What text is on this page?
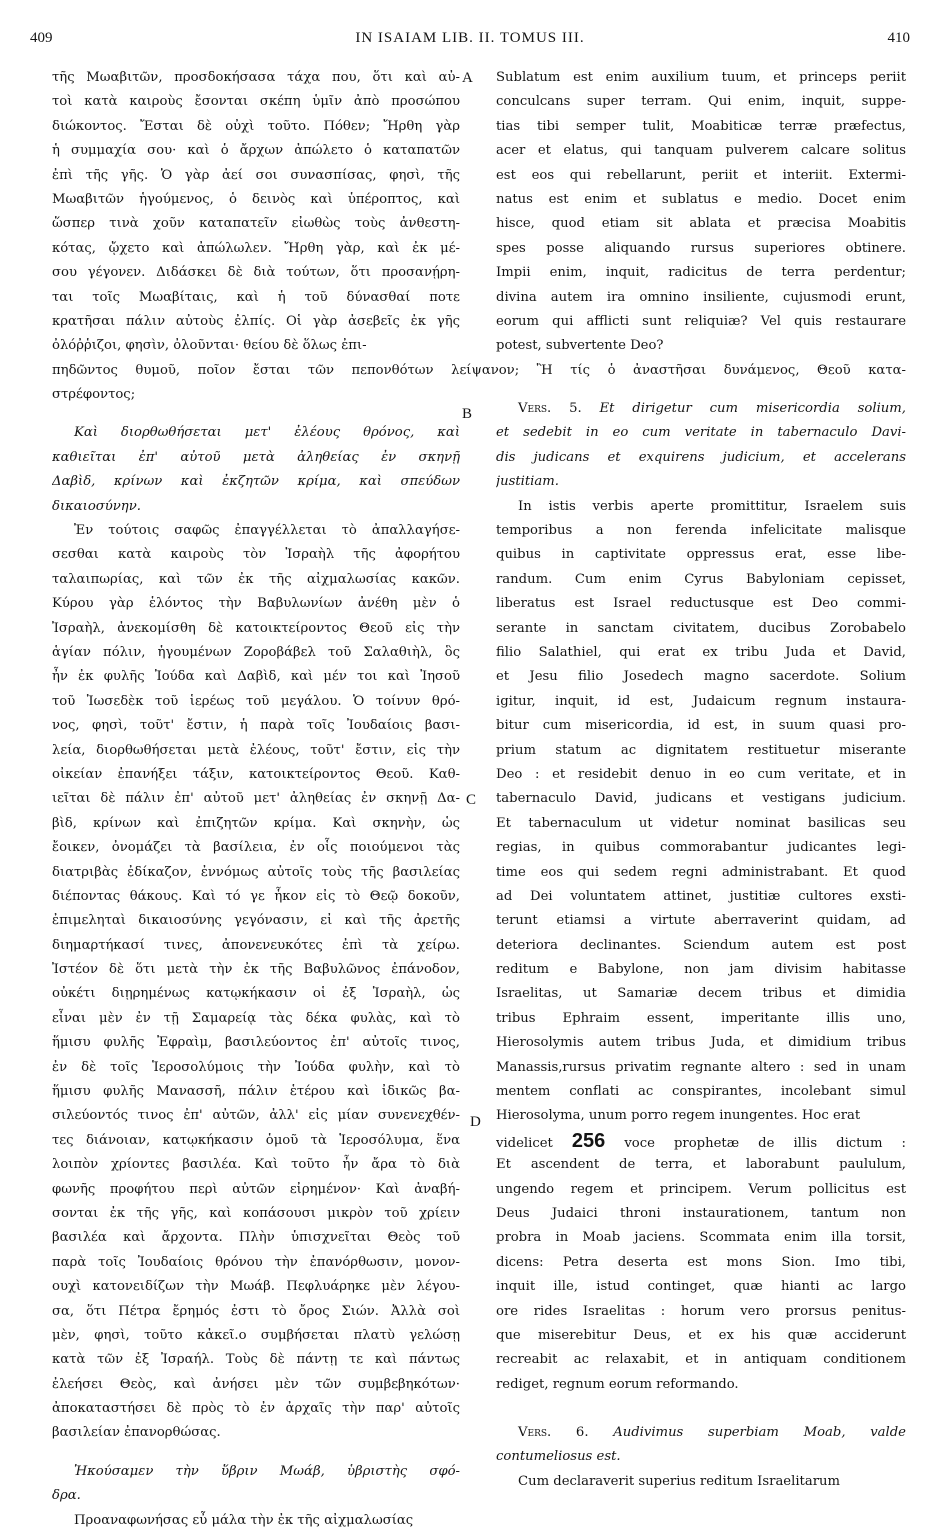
409	IN ISAIAM LIB. II. TOMUS III.	410
A
B
C
D
πηδῶντος θυμοῦ, ποῖον ἔσται τῶν πεπονθότων λείψανον; Ἢ τίς ὁ ἀναστῆσαι δυνάμενος, Θεοῦ κατα-
τῆς Μωαβιτῶν, προσδοκήσασα τάχα που, ὅτι καὶ αὐ-
τοὶ κατὰ καιροὺς ἔσονται σκέπη ὑμῖν ἀπὸ προσώπου
διώκοντος. Ἔσται δὲ οὐχὶ τοῦτο. Πόθεν; Ἤρθη γὰρ
ἡ συμμαχία σου· καὶ ὁ ἄρχων ἀπώλετο ὁ καταπατῶν
ἐπὶ τῆς γῆς. Ὁ γὰρ ἀεί σοι συνασπίσας, φησὶ, τῆς
Μωαβιτῶν ἡγούμενος, ὁ δεινὸς καὶ ὑπέροπτος, καὶ
ὥσπερ τινὰ χοῦν καταπατεῖν εἰωθὼς τοὺς ἀνθεστη-
κότας, ᾤχετο καὶ ἀπώλωλεν. Ἤρθη γὰρ, καὶ ἐκ μέ-
σου γέγονεν. Διδάσκει δὲ διὰ τούτων, ὅτι προσανῄρη-
ται τοῖς Μωαβίταις, καὶ ἡ τοῦ δύνασθαί ποτε
κρατῆσαι πάλιν αὐτοὺς ἐλπίς. Οἱ γὰρ ἀσεβεῖς ἐκ γῆς
ὀλόῤῥιζοι, φησὶν, ὀλοῦνται· θείου δὲ ὅλως ἐπι-
στρέφοντος;
Καὶ διορθωθήσεται μετ' ἐλέους θρόνος, καὶ
καθιεῖται ἐπ' αὐτοῦ μετὰ ἀληθείας ἐν σκηνῇ
Δαβὶδ, κρίνων καὶ ἐκζητῶν κρίμα, καὶ σπεύδων
δικαιοσύνην.
Ἐν τούτοις σαφῶς ἐπαγγέλλεται τὸ ἀπαλλαγήσε-
σεσθαι κατὰ καιροὺς τὸν Ἰσραὴλ τῆς ἀφορήτου
ταλαιπωρίας, καὶ τῶν ἐκ τῆς αἰχμαλωσίας κακῶν.
Κύρου γὰρ ἑλόντος τὴν Βαβυλωνίων ἀνέθη μὲν ὁ
Ἰσραὴλ, ἀνεκομίσθη δὲ κατοικτείροντος Θεοῦ εἰς τὴν
ἁγίαν πόλιν, ἡγουμένων Ζοροβάβελ τοῦ Σαλαθιὴλ, ὃς
ἦν ἐκ φυλῆς Ἰούδα καὶ Δαβὶδ, καὶ μέν τοι καὶ Ἰησοῦ
τοῦ Ἰωσεδὲκ τοῦ ἱερέως τοῦ μεγάλου. Ὁ τοίνυν θρό-
νος, φησὶ, τοῦτ' ἔστιν, ἡ παρὰ τοῖς Ἰουδαίοις βασι-
λεία, διορθωθήσεται μετὰ ἐλέους, τοῦτ' ἔστιν, εἰς τὴν
οἰκείαν ἐπανήξει τάξιν, κατοικτείροντος Θεοῦ. Καθ-
ιεῖται δὲ πάλιν ἐπ' αὐτοῦ μετ' ἀληθείας ἐν σκηνῇ Δα-
βὶδ, κρίνων καὶ ἐπιζητῶν κρίμα. Καὶ σκηνὴν, ὡς
ἔοικεν, ὀνομάζει τὰ βασίλεια, ἐν οἷς ποιούμενοι τὰς
διατριβὰς ἐδίκαζον, ἐννόμως αὐτοῖς τοὺς τῆς βασιλείας
διέποντας θάκους. Καὶ τό γε ἧκον εἰς τὸ Θεῷ δοκοῦν,
ἐπιμεληταὶ δικαιοσύνης γεγόνασιν, εἰ καὶ τῆς ἀρετῆς
διημαρτήκασί τινες, ἀπονενευκότες ἐπὶ τὰ χείρω.
Ἰστέον δὲ ὅτι μετὰ τὴν ἐκ τῆς Βαβυλῶνος ἐπάνοδον,
οὐκέτι διῃρημένως κατῳκήκασιν οἱ ἐξ Ἰσραὴλ, ὡς
εἶναι μὲν ἐν τῇ Σαμαρείᾳ τὰς δέκα φυλὰς, καὶ τὸ
ἥμισυ φυλῆς Ἐφραὶμ, βασιλεύοντος ἐπ' αὐτοῖς τινος,
ἐν δὲ τοῖς Ἱεροσολύμοις τὴν Ἰούδα φυλὴν, καὶ τὸ
ἥμισυ φυλῆς Μανασσῆ, πάλιν ἑτέρου καὶ ἰδικῶς βα-
σιλεύοντός τινος ἐπ' αὐτῶν, ἀλλ' εἰς μίαν συνενεχθέν-
τες διάνοιαν, κατῳκήκασιν ὁμοῦ τὰ Ἱεροσόλυμα, ἕνα
λοιπὸν χρίοντες βασιλέα. Καὶ τοῦτο ἦν ἄρα τὸ διὰ
φωνῆς προφήτου περὶ αὐτῶν εἰρημένον· Καὶ ἀναβή-
σονται ἐκ τῆς γῆς, καὶ κοπάσουσι μικρὸν τοῦ χρίειν
βασιλέα καὶ ἄρχοντα. Πλὴν ὑπισχνεῖται Θεὸς τοῦ
παρὰ τοῖς Ἰουδαίοις θρόνου τὴν ἐπανόρθωσιν, μονον-
ουχὶ κατονειδίζων τὴν Μωάβ. Πεφλυάρηκε μὲν λέγου-
σα, ὅτι Πέτρα ἔρημός ἐστι τὸ ὄρος Σιών. Ἀλλὰ σοὶ
μὲν, φησὶ, τοῦτο κἀκεῖ.ο συμβήσεται πλατὺ γελώσῃ
κατὰ τῶν ἐξ Ἰσραήλ. Τοὺς δὲ πάντῃ τε καὶ πάντως
ἐλεήσει Θεὸς, καὶ ἀνήσει μὲν τῶν συμβεβηκότων·
ἀποκαταστήσει δὲ πρὸς τὸ ἐν ἀρχαῖς τὴν παρ' αὐτοῖς
βασιλείαν ἐπανορθώσας.
Ἠκούσαμεν τὴν ὕβριν Μωάβ, ὑβριστὴς σφό-
δρα.
Προαναφωνήσας εὖ μάλα τὴν ἐκ τῆς αἰχμαλωσίας
Sublatum est enim auxilium tuum, et princeps periit
conculcans super terram. Qui enim, inquit, suppe-
tias tibi semper tulit, Moabiticæ terræ præfectus,
acer et elatus, qui tanquam pulverem calcare solitus
est eos qui rebellarunt, periit et interiit. Extermi-
natus est enim et sublatus e medio. Docet enim
hisce, quod etiam sit ablata et præcisa Moabitis
spes posse aliquando rursus superiores obtinere.
Impii enim, inquit, radicitus de terra perdentur;
divina autem ira omnino insiliente, cujusmodi erunt,
eorum qui afflicti sunt reliquiæ? Vel quis restaurare
potest, subvertente Deo?
Vers. 5. Et dirigetur cum misericordia solium,
et sedebit in eo cum veritate in tabernaculo Davi-
dis judicans et exquirens judicium, et accelerans
justitiam.
In istis verbis aperte promittitur, Israelem suis
temporibus a non ferenda infelicitate malisque
quibus in captivitate oppressus erat, esse libe-
randum. Cum enim Cyrus Babyloniam cepisset,
liberatus est Israel reductusque est Deo commi-
serante in sanctam civitatem, ducibus Zorobabelo
filio Salathiel, qui erat ex tribu Juda et David,
et Jesu filio Josedech magno sacerdote. Solium
igitur, inquit, id est, Judaicum regnum instaura-
bitur cum misericordia, id est, in suum quasi pro-
prium statum ac dignitatem restituetur miserante
Deo : et residebit denuo in eo cum veritate, et in
tabernaculo David, judicans et vestigans judicium.
Et tabernaculum ut videtur nominat basilicas seu
regias, in quibus commorabantur judicantes legi-
time eos qui sedem regni administrabant. Et quod
ad Dei voluntatem attinet, justitiæ cultores exsti-
terunt etiamsi a virtute aberraverint quidam, ad
deteriora declinantes. Sciendum autem est post
reditum e Babylone, non jam divisim habitasse
Israelitas, ut Samariæ decem tribus et dimidia
tribus Ephraim essent, imperitante illis uno,
Hierosolymis autem tribus Juda, et dimidium tribus
Manassis,rursus privatim regnante altero : sed in unam
mentem conflati ac conspirantes, incolebant simul
Hierosolyma, unum porro regem inungentes. Hoc erat
videlicet 256 voce prophetæ de illis dictum :
Et ascendent de terra, et laborabunt paululum,
ungendo regem et principem. Verum pollicitus est
Deus Judaici throni instaurationem, tantum non
probra in Moab jaciens. Scommata enim illa torsit,
dicens: Petra deserta est mons Sion. Imo tibi,
inquit ille, istud continget, quæ hianti ac largo
ore rides Israelitas : horum vero prorsus penitus-
que miserebitur Deus, et ex his quæ acciderunt
recreabit ac relaxabit, et in antiquam conditionem
rediget, regnum eorum reformando.
Vers. 6. Audivimus superbiam Moab, valde
contumeliosus est.
Cum declaraverit superius reditum Israelitarum
